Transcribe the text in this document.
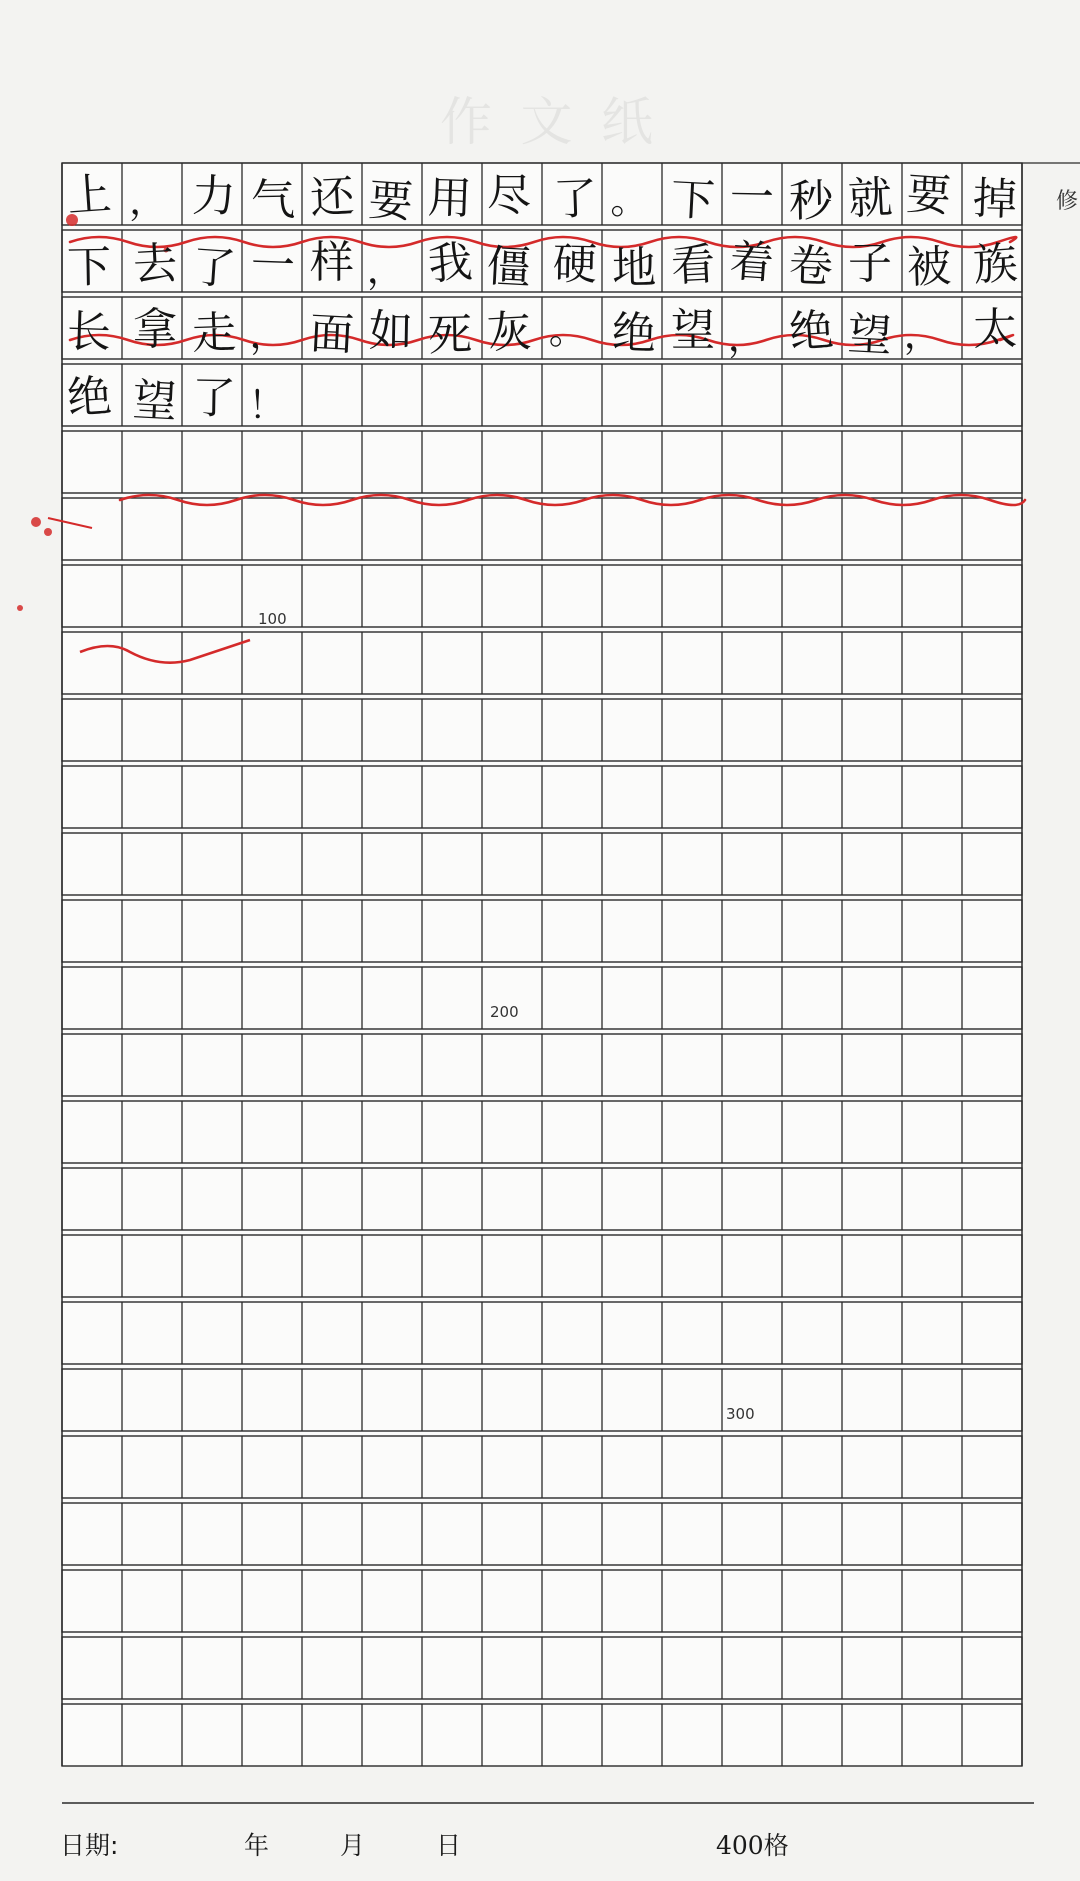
作 文 纸
修
上 ， 力 气 还 要 用 尽 了 。 下 一 秒 就 要 掉
下 去 了 一 样 ， 我 僵 硬 地 看 着 卷 子 被 族
长 拿 走 ， 面 如 死 灰 。 绝 望 ， 绝 望 ， 太
绝 望 了 ！
100
200
300
日期:	年	月	日	400格
